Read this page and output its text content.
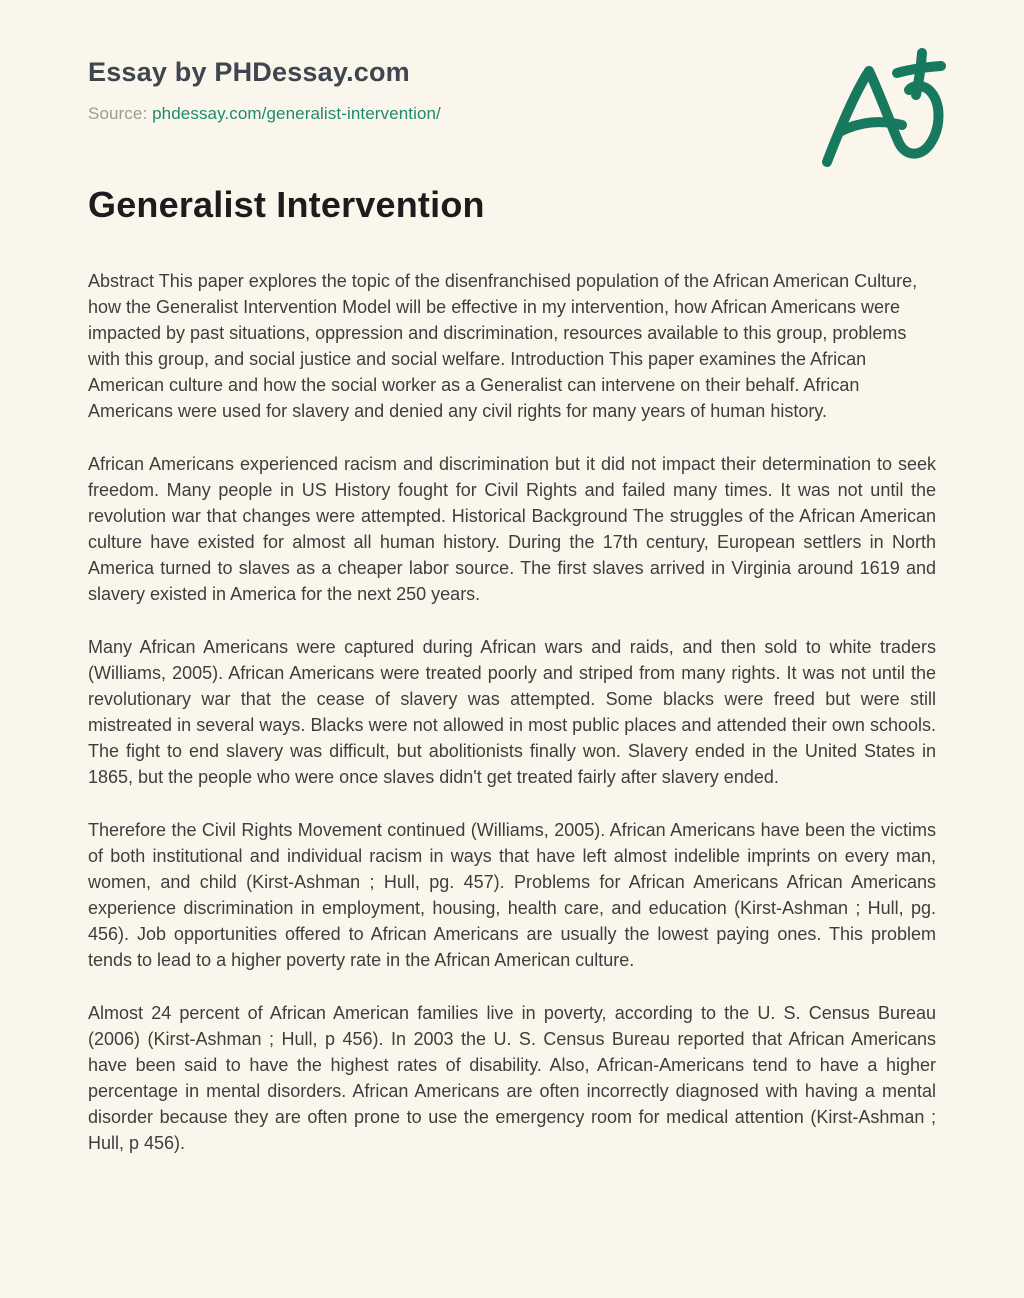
Essay by PHDessay.com

Source: phdessay.com/generalist-intervention/

Generalist Intervention

Abstract This paper explores the topic of the disenfranchised population of the African American Culture, how the Generalist Intervention Model will be effective in my intervention, how African Americans were impacted by past situations, oppression and discrimination, resources available to this group, problems with this group, and social justice and social welfare. Introduction This paper examines the African American culture and how the social worker as a Generalist can intervene on their behalf. African Americans were used for slavery and denied any civil rights for many years of human history.

African Americans experienced racism and discrimination but it did not impact their determination to seek freedom. Many people in US History fought for Civil Rights and failed many times. It was not until the revolution war that changes were attempted. Historical Background The struggles of the African American culture have existed for almost all human history. During the 17th century, European settlers in North America turned to slaves as a cheaper labor source. The first slaves arrived in Virginia around 1619 and slavery existed in America for the next 250 years.

Many African Americans were captured during African wars and raids, and then sold to white traders (Williams, 2005). African Americans were treated poorly and striped from many rights. It was not until the revolutionary war that the cease of slavery was attempted. Some blacks were freed but were still mistreated in several ways. Blacks were not allowed in most public places and attended their own schools. The fight to end slavery was difficult, but abolitionists finally won. Slavery ended in the United States in 1865, but the people who were once slaves didn't get treated fairly after slavery ended.

Therefore the Civil Rights Movement continued (Williams, 2005). African Americans have been the victims of both institutional and individual racism in ways that have left almost indelible imprints on every man, women, and child (Kirst-Ashman ; Hull, pg. 457). Problems for African Americans African Americans experience discrimination in employment, housing, health care, and education (Kirst-Ashman ; Hull, pg. 456). Job opportunities offered to African Americans are usually the lowest paying ones. This problem tends to lead to a higher poverty rate in the African American culture.

Almost 24 percent of African American families live in poverty, according to the U. S. Census Bureau (2006) (Kirst-Ashman ; Hull, p 456). In 2003 the U. S. Census Bureau reported that African Americans have been said to have the highest rates of disability. Also, African-Americans tend to have a higher percentage in mental disorders. African Americans are often incorrectly diagnosed with having a mental disorder because they are often prone to use the emergency room for medical attention (Kirst-Ashman ; Hull, p 456).
